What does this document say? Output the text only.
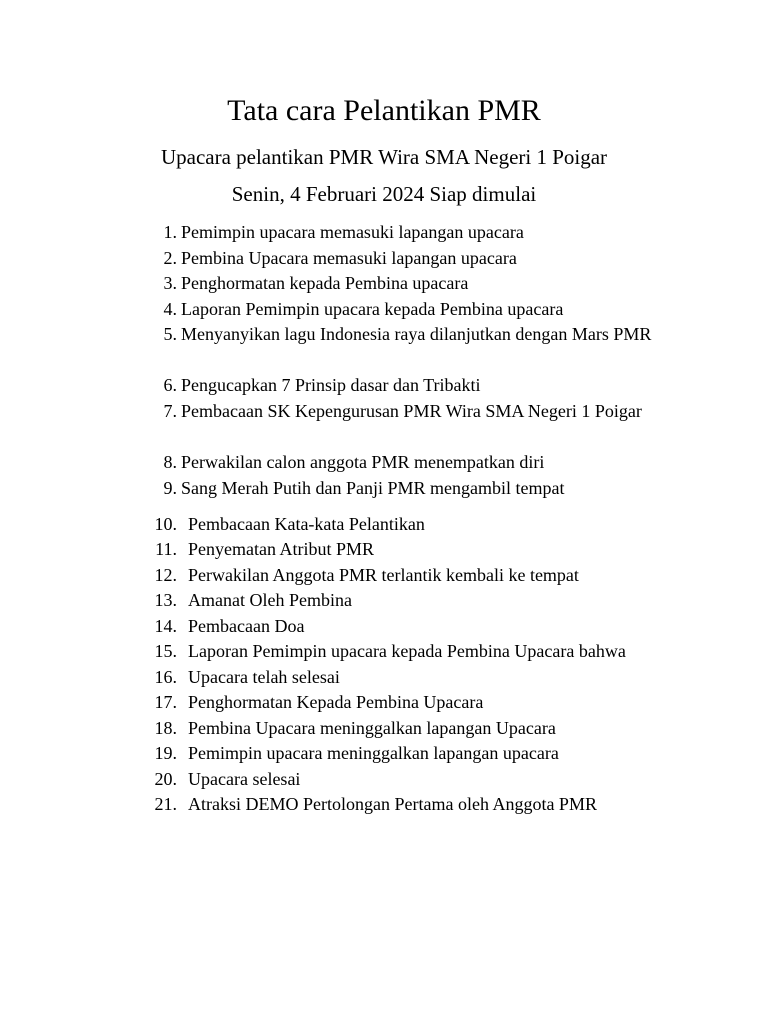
Tata cara Pelantikan PMR
Upacara pelantikan PMR Wira SMA Negeri 1 Poigar
Senin, 4 Februari 2024 Siap dimulai
1. Pemimpin upacara memasuki lapangan upacara
2. Pembina Upacara memasuki lapangan upacara
3. Penghormatan kepada Pembina upacara
4. Laporan Pemimpin upacara kepada Pembina upacara
5. Menyanyikan lagu Indonesia raya dilanjutkan dengan Mars PMR
6. Pengucapkan 7 Prinsip dasar dan Tribakti
7. Pembacaan SK Kepengurusan PMR Wira SMA Negeri 1 Poigar
8. Perwakilan calon anggota PMR menempatkan diri
9. Sang Merah Putih dan Panji PMR mengambil tempat
10. Pembacaan Kata-kata Pelantikan
11. Penyematan Atribut PMR
12. Perwakilan Anggota PMR terlantik kembali ke tempat
13. Amanat Oleh Pembina
14. Pembacaan Doa
15. Laporan Pemimpin upacara kepada Pembina Upacara bahwa
16. Upacara telah selesai
17. Penghormatan Kepada Pembina Upacara
18. Pembina Upacara meninggalkan lapangan Upacara
19. Pemimpin upacara meninggalkan lapangan upacara
20. Upacara selesai
21. Atraksi DEMO Pertolongan Pertama oleh Anggota PMR
